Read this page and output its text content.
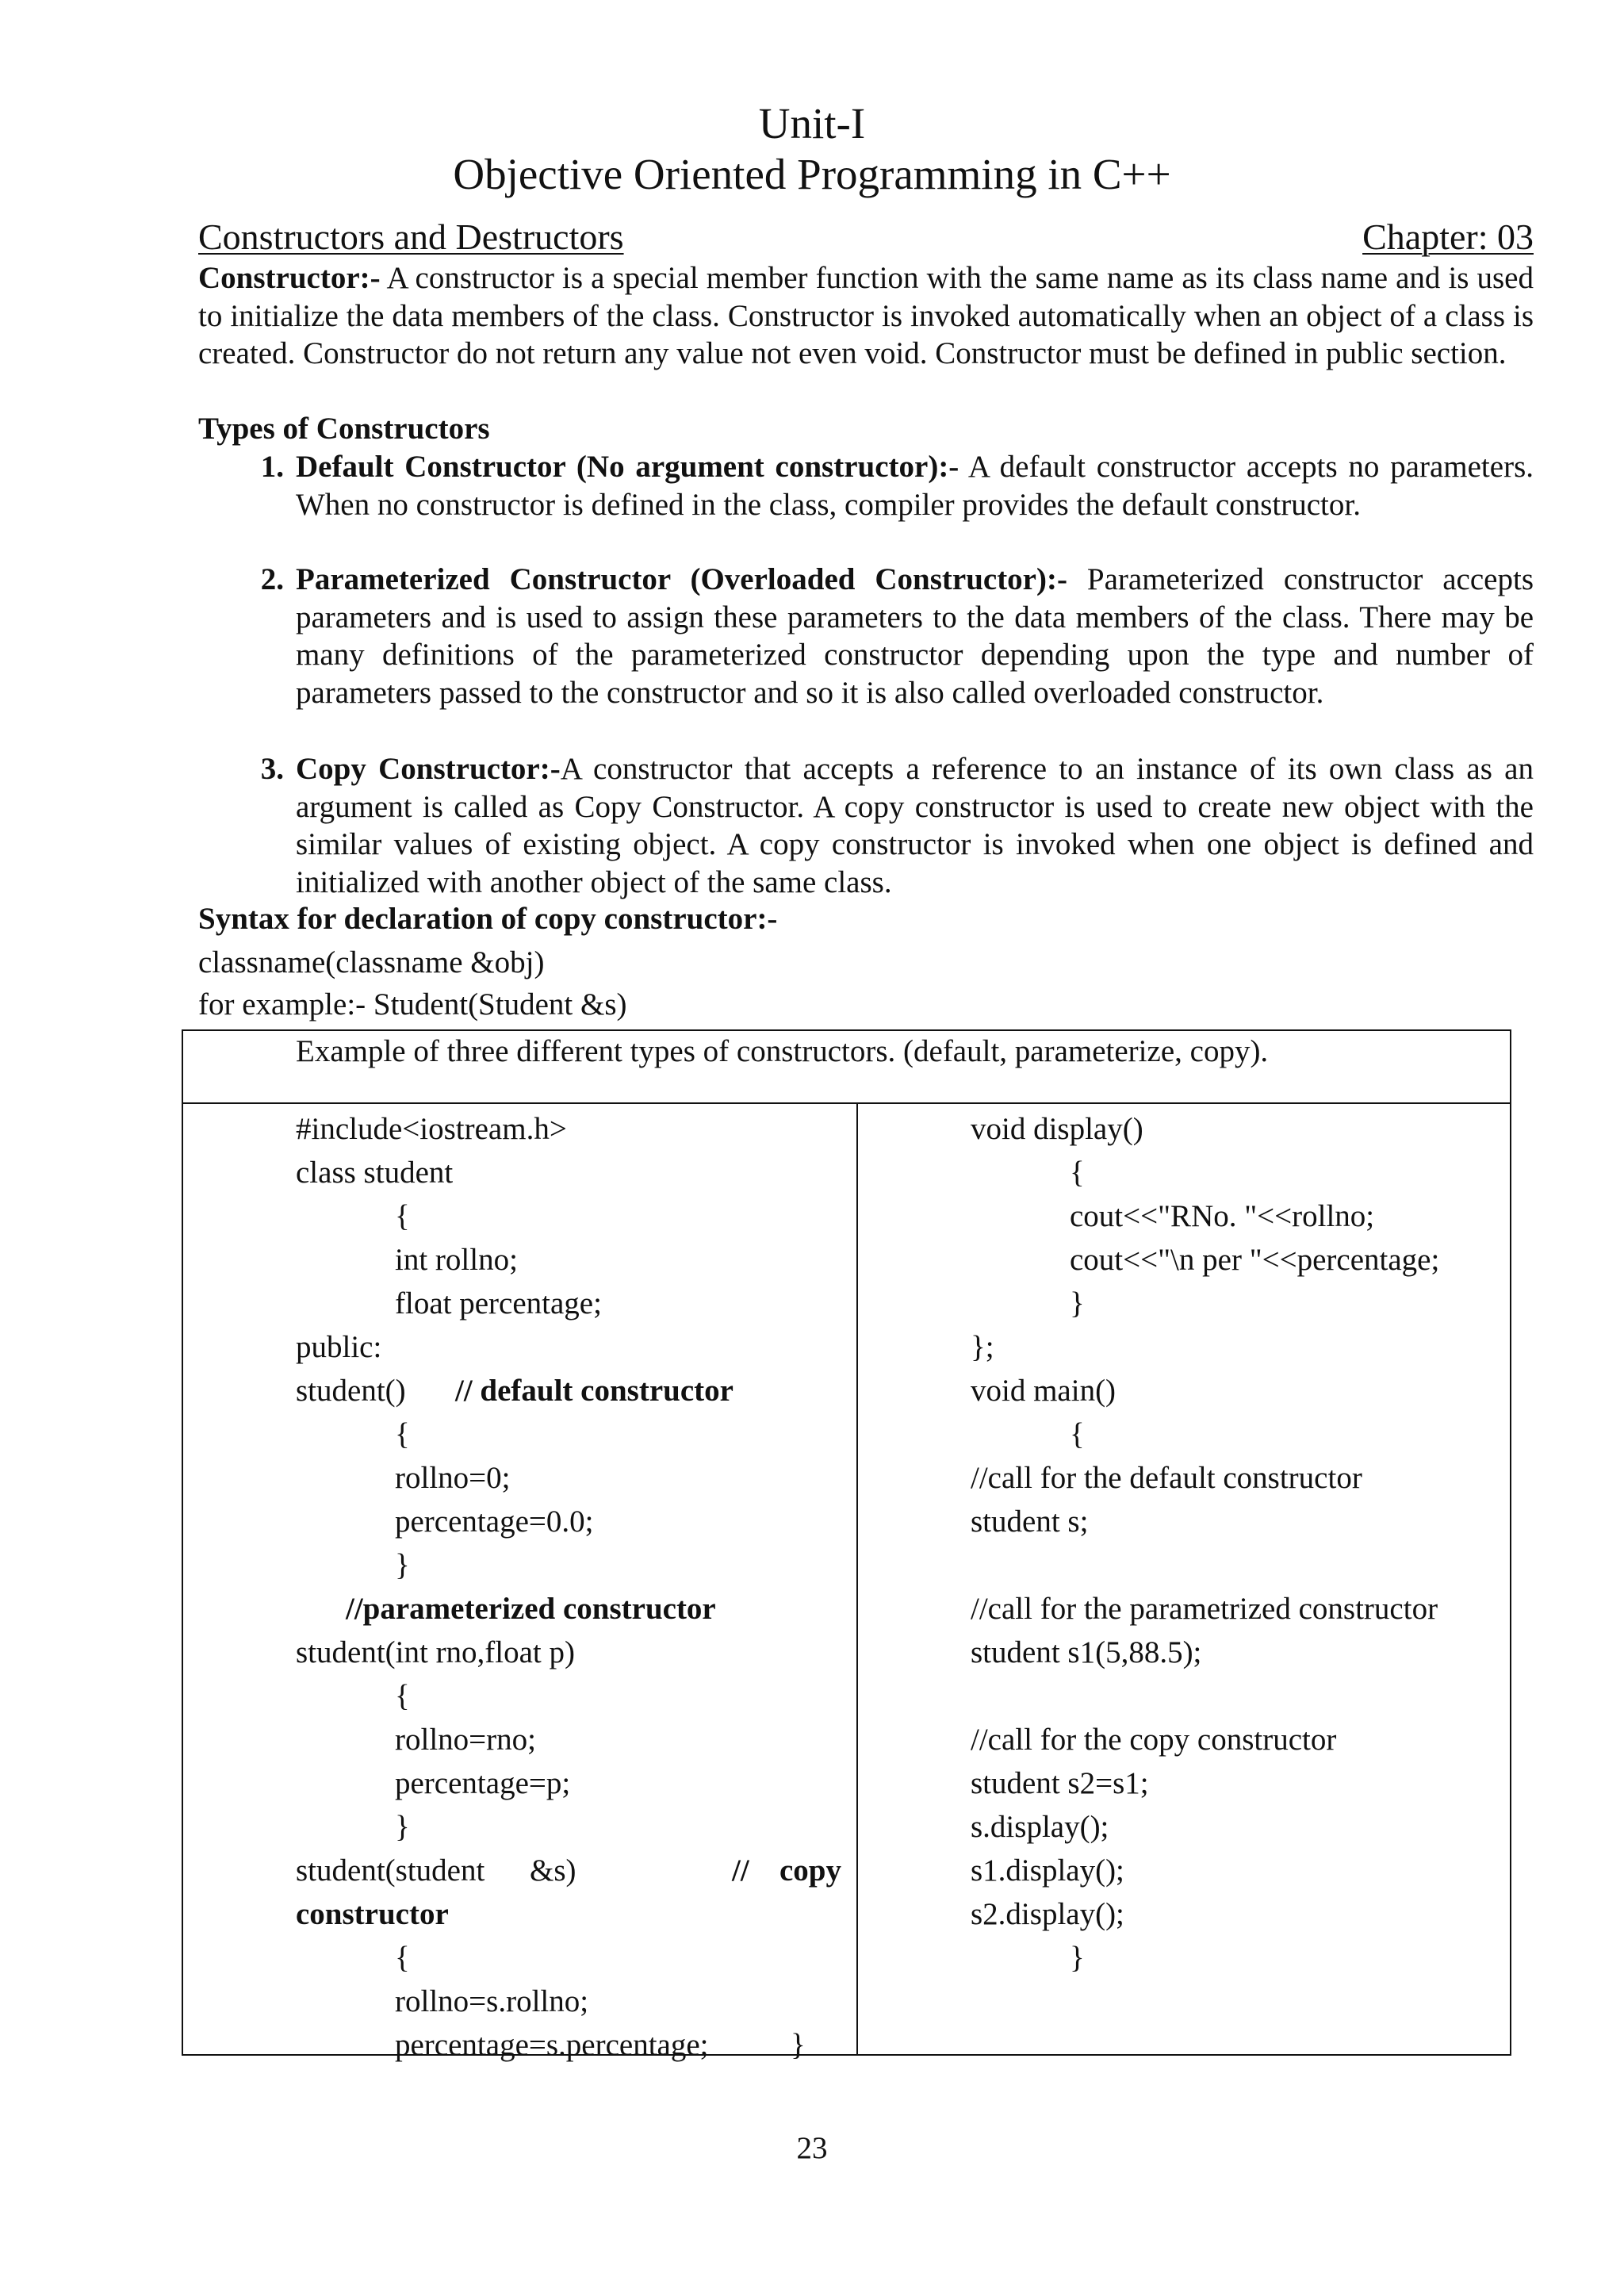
Unit-I
Objective Oriented Programming in C++
Constructors and Destructors	Chapter: 03
Constructor:- A constructor is a special member function with the same name as its class name and is used to initialize the data members of the class. Constructor is invoked automatically when an object of a class is created. Constructor do not return any value not even void. Constructor must be defined in public section.
Types of Constructors
1. Default Constructor (No argument constructor):- A default constructor accepts no parameters. When no constructor is defined in the class, compiler provides the default constructor.
2. Parameterized Constructor (Overloaded Constructor):- Parameterized constructor accepts parameters and is used to assign these parameters to the data members of the class. There may be many definitions of the parameterized constructor depending upon the type and number of parameters passed to the constructor and so it is also called overloaded constructor.
3. Copy Constructor:-A constructor that accepts a reference to an instance of its own class as an argument is called as Copy Constructor. A copy constructor is used to create new object with the similar values of existing object. A copy constructor is invoked when one object is defined and initialized with another object of the same class.
Syntax for declaration of copy constructor:-
classname(classname &obj)
for example:- Student(Student &s)
Example of three different types of constructors. (default, parameterize, copy).
#include<iostream.h>
class student
{
int rollno;
float percentage;
public:
student() // default constructor
{
rollno=0;
percentage=0.0;
}
//parameterized constructor
student(int rno,float p)
{
rollno=rno;
percentage=p;
}
student(student &s)	// copy
constructor
{
rollno=s.rollno;
percentage=s.percentage;	}
void display()
{
cout<<"RNo. "<<rollno;
cout<<"\n per "<<percentage;
}
};
void main()
{
//call for the default constructor
student s;
//call for the parametrized constructor
student s1(5,88.5);
//call for the copy constructor
student s2=s1;
s.display();
s1.display();
s2.display();
}
23
